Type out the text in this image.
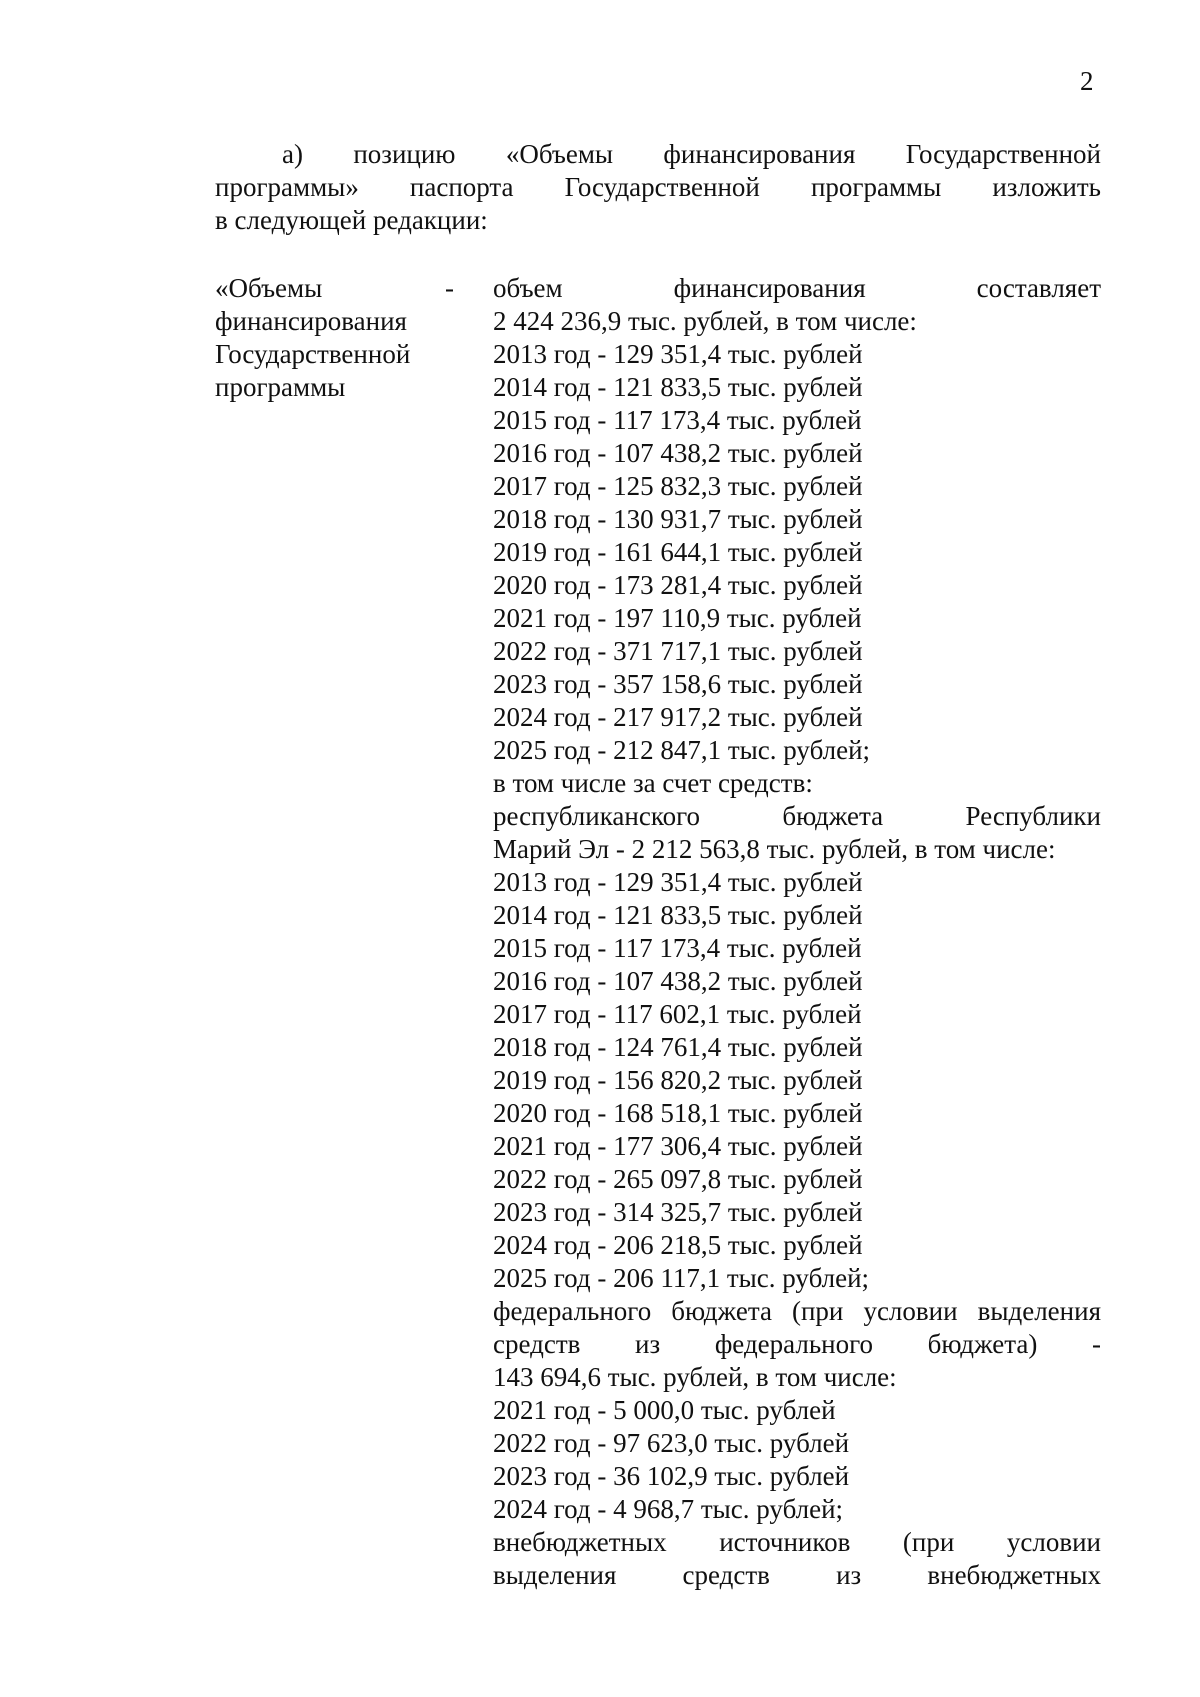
2
а) позицию «Объемы финансирования Государственной
программы» паспорта Государственной программы изложить
в следующей редакции:
«Объемы
финансирования
Государственной
программы
- объем финансирования составляет
2 424 236,9 тыс. рублей, в том числе:
2013 год - 129 351,4 тыс. рублей
2014 год - 121 833,5 тыс. рублей
2015 год - 117 173,4 тыс. рублей
2016 год - 107 438,2 тыс. рублей
2017 год - 125 832,3 тыс. рублей
2018 год - 130 931,7 тыс. рублей
2019 год - 161 644,1 тыс. рублей
2020 год - 173 281,4 тыс. рублей
2021 год - 197 110,9 тыс. рублей
2022 год - 371 717,1 тыс. рублей
2023 год - 357 158,6 тыс. рублей
2024 год - 217 917,2 тыс. рублей
2025 год - 212 847,1 тыс. рублей;
в том числе за счет средств:
республиканского бюджета Республики
Марий Эл - 2 212 563,8 тыс. рублей, в том числе:
2013 год - 129 351,4 тыс. рублей
2014 год - 121 833,5 тыс. рублей
2015 год - 117 173,4 тыс. рублей
2016 год - 107 438,2 тыс. рублей
2017 год - 117 602,1 тыс. рублей
2018 год - 124 761,4 тыс. рублей
2019 год - 156 820,2 тыс. рублей
2020 год - 168 518,1 тыс. рублей
2021 год - 177 306,4 тыс. рублей
2022 год - 265 097,8 тыс. рублей
2023 год - 314 325,7 тыс. рублей
2024 год - 206 218,5 тыс. рублей
2025 год - 206 117,1 тыс. рублей;
федерального бюджета (при условии выделения
средств из федерального бюджета) -
143 694,6 тыс. рублей, в том числе:
2021 год - 5 000,0 тыс. рублей
2022 год - 97 623,0 тыс. рублей
2023 год - 36 102,9 тыс. рублей
2024 год - 4 968,7 тыс. рублей;
внебюджетных источников (при условии
выделения средств из внебюджетных
